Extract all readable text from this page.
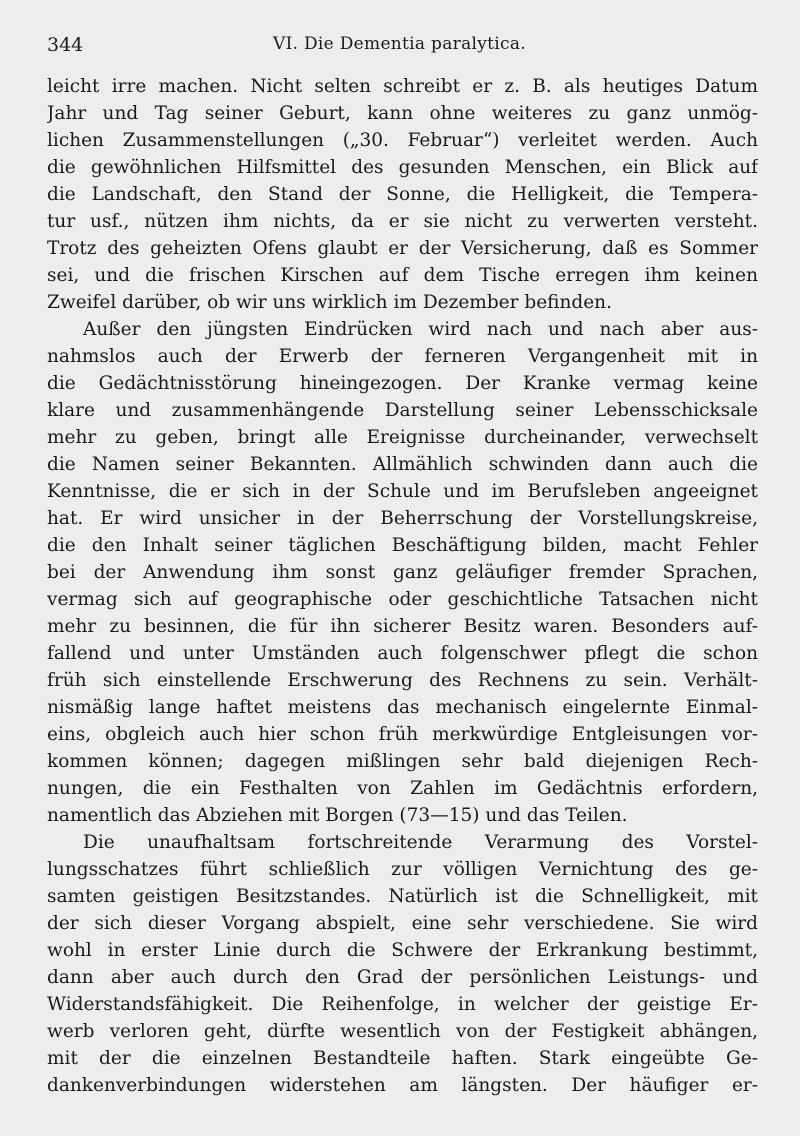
344	VI. Die Dementia paralytica.
leicht irre machen. Nicht selten schreibt er z. B. als heutiges Datum
Jahr und Tag seiner Geburt, kann ohne weiteres zu ganz unmög-
lichen Zusammenstellungen („30. Februar“) verleitet werden. Auch
die gewöhnlichen Hilfsmittel des gesunden Menschen, ein Blick auf
die Landschaft, den Stand der Sonne, die Helligkeit, die Tempera-
tur usf., nützen ihm nichts, da er sie nicht zu verwerten versteht.
Trotz des geheizten Ofens glaubt er der Versicherung, daß es Sommer
sei, und die frischen Kirschen auf dem Tische erregen ihm keinen
Zweifel darüber, ob wir uns wirklich im Dezember befinden.
Außer den jüngsten Eindrücken wird nach und nach aber aus-
nahmslos auch der Erwerb der ferneren Vergangenheit mit in
die Gedächtnisstörung hineingezogen. Der Kranke vermag keine
klare und zusammenhängende Darstellung seiner Lebensschicksale
mehr zu geben, bringt alle Ereignisse durcheinander, verwechselt
die Namen seiner Bekannten. Allmählich schwinden dann auch die
Kenntnisse, die er sich in der Schule und im Berufsleben angeeignet
hat. Er wird unsicher in der Beherrschung der Vorstellungskreise,
die den Inhalt seiner täglichen Beschäftigung bilden, macht Fehler
bei der Anwendung ihm sonst ganz geläufiger fremder Sprachen,
vermag sich auf geographische oder geschichtliche Tatsachen nicht
mehr zu besinnen, die für ihn sicherer Besitz waren. Besonders auf-
fallend und unter Umständen auch folgenschwer pflegt die schon
früh sich einstellende Erschwerung des Rechnens zu sein. Verhält-
nismäßig lange haftet meistens das mechanisch eingelernte Einmal-
eins, obgleich auch hier schon früh merkwürdige Entgleisungen vor-
kommen können; dagegen mißlingen sehr bald diejenigen Rech-
nungen, die ein Festhalten von Zahlen im Gedächtnis erfordern,
namentlich das Abziehen mit Borgen (73—15) und das Teilen.
Die unaufhaltsam fortschreitende Verarmung des Vorstel-
lungsschatzes führt schließlich zur völligen Vernichtung des ge-
samten geistigen Besitzstandes. Natürlich ist die Schnelligkeit, mit
der sich dieser Vorgang abspielt, eine sehr verschiedene. Sie wird
wohl in erster Linie durch die Schwere der Erkrankung bestimmt,
dann aber auch durch den Grad der persönlichen Leistungs- und
Widerstandsfähigkeit. Die Reihenfolge, in welcher der geistige Er-
werb verloren geht, dürfte wesentlich von der Festigkeit abhängen,
mit der die einzelnen Bestandteile haften. Stark eingeübte Ge-
dankenverbindungen widerstehen am längsten. Der häufiger er-
